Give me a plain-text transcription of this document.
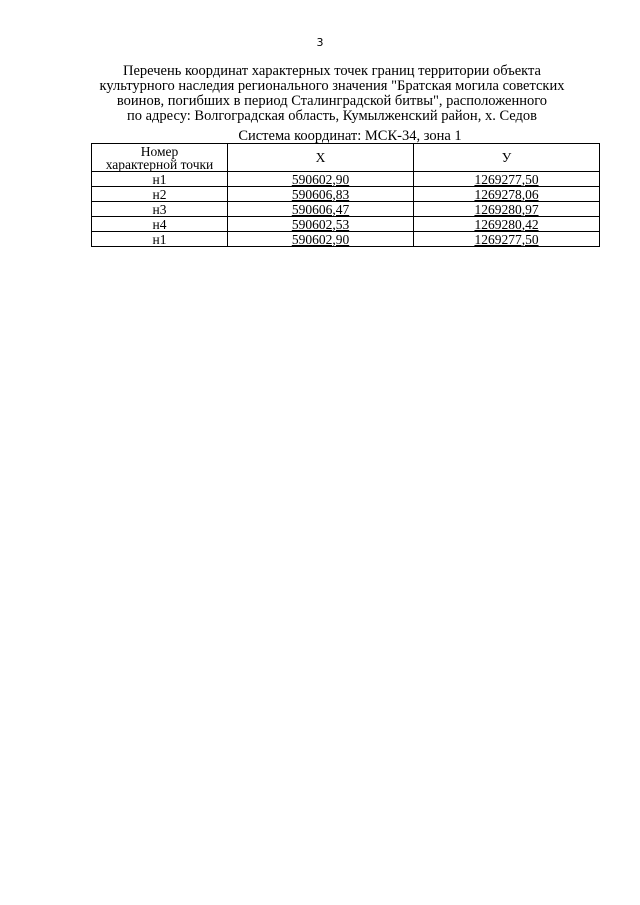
3
Перечень координат характерных точек границ территории объекта
культурного наследия регионального значения "Братская могила советских
воинов, погибших в период Сталинградской битвы", расположенного
по адресу: Волгоградская область, Кумылженский район, х. Седов
Система координат: МСК-34, зона 1
Номер
характерной точки	X	У
н1	590602,90	1269277,50
н2	590606,83	1269278,06
н3	590606,47	1269280,97
н4	590602,53	1269280,42
н1	590602,90	1269277,50
